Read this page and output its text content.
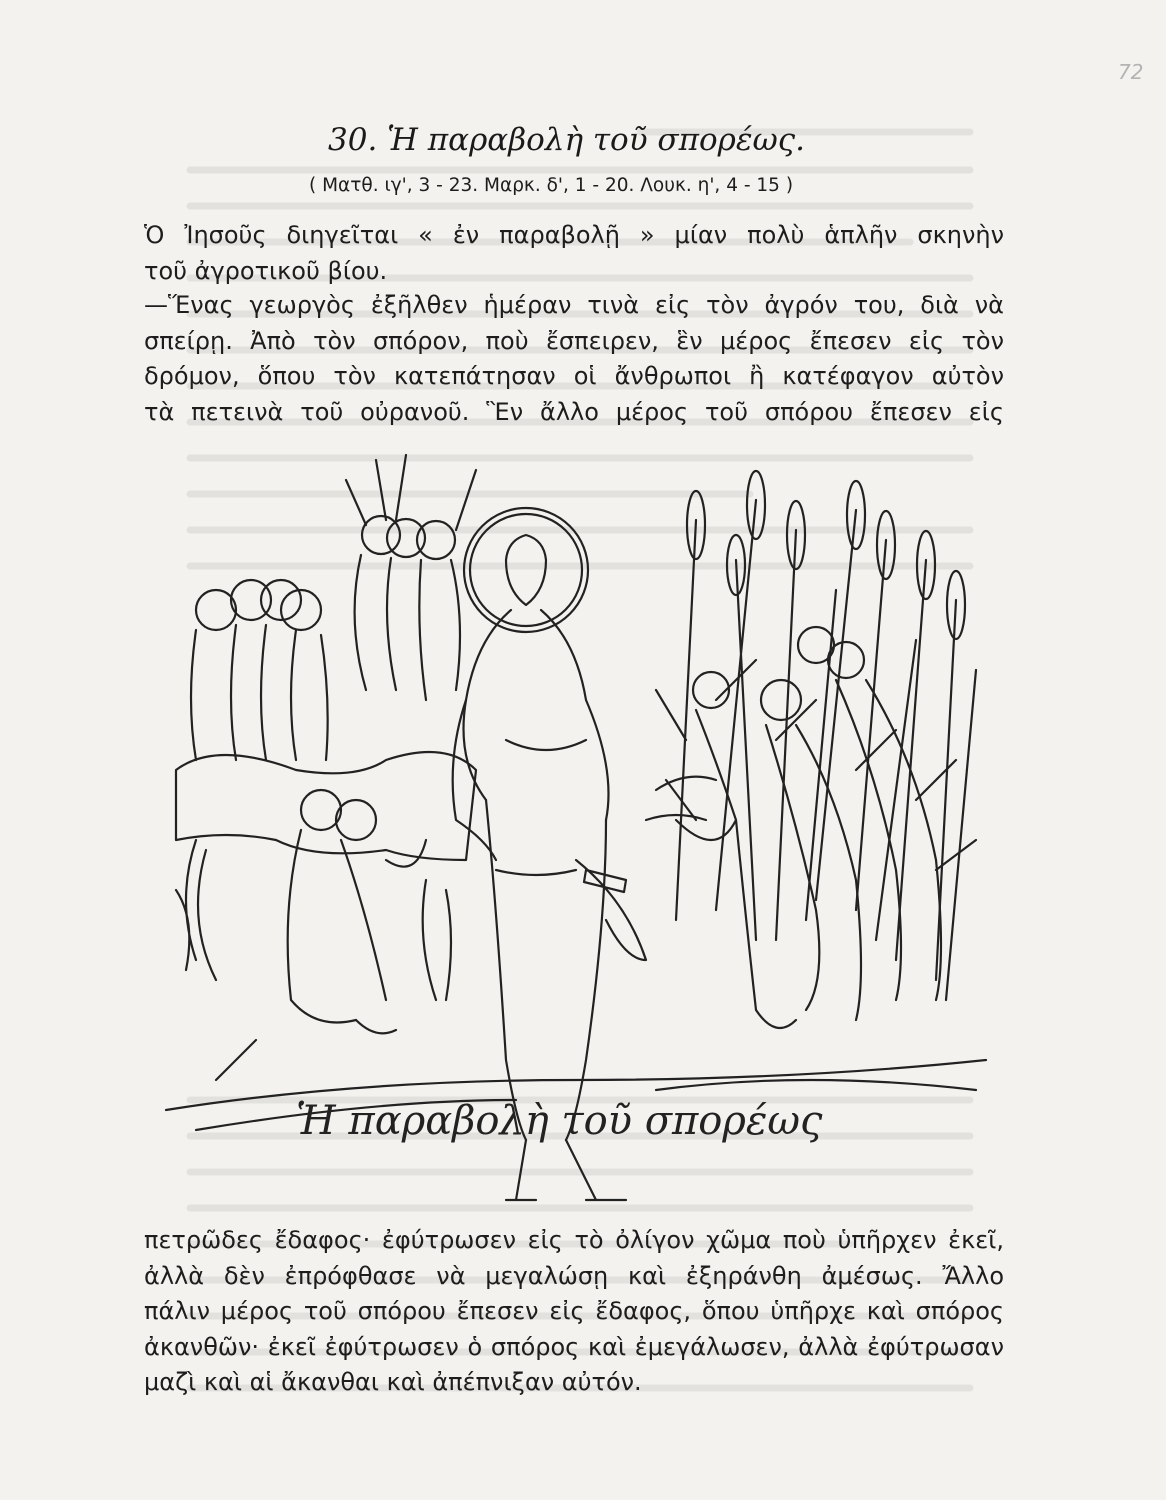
72
30. Ἡ παραβολὴ τοῦ σπορέως.
( Ματθ. ιγ', 3 - 23. Μαρκ. δ', 1 - 20. Λουκ. η', 4 - 15 )
Ὁ Ἰησοῦς διηγεῖται « ἐν παραβολῇ » μίαν πολὺ ἁπλῆν σκηνὴν
τοῦ ἀγροτικοῦ βίου.
—Ἕνας γεωργὸς ἐξῆλθεν ἡμέραν τινὰ εἰς τὸν ἀγρόν του, διὰ νὰ
σπείρῃ. Ἀπὸ τὸν σπόρον, ποὺ ἔσπειρεν, ἓν μέρος ἔπεσεν εἰς τὸν
δρόμον, ὅπου τὸν κατεπάτησαν οἱ ἄνθρωποι ἢ κατέφαγον αὐτὸν
τὰ πετεινὰ τοῦ οὐρανοῦ. Ἓν ἄλλο μέρος τοῦ σπόρου ἔπεσεν εἰς
Ἡ παραβολὴ τοῦ σπορέως
πετρῶδες ἔδαφος· ἐφύτρωσεν εἰς τὸ ὀλίγον χῶμα ποὺ ὑπῆρχεν ἐκεῖ,
ἀλλὰ δὲν ἐπρόφθασε νὰ μεγαλώσῃ καὶ ἐξηράνθη ἀμέσως. Ἄλλο
πάλιν μέρος τοῦ σπόρου ἔπεσεν εἰς ἔδαφος, ὅπου ὑπῆρχε καὶ σπόρος
ἀκανθῶν· ἐκεῖ ἐφύτρωσεν ὁ σπόρος καὶ ἐμεγάλωσεν, ἀλλὰ ἐφύτρωσαν
μαζὶ καὶ αἱ ἄκανθαι καὶ ἀπέπνιξαν αὐτόν.
